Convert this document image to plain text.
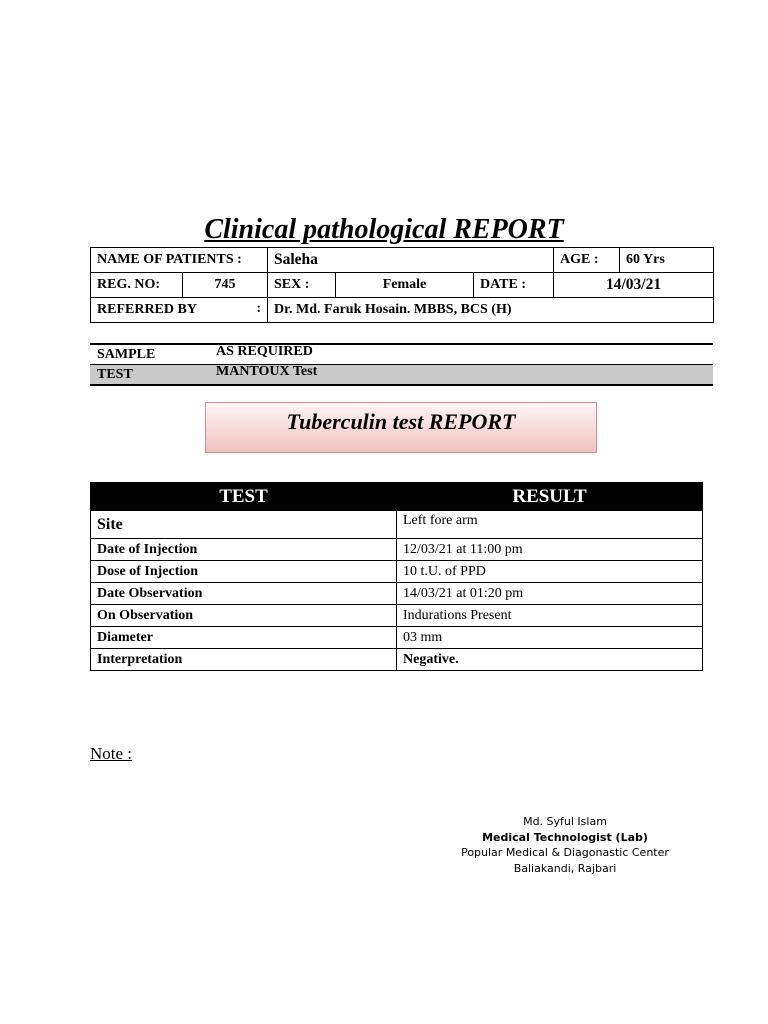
Clinical pathological REPORT
NAME OF PATIENTS :		Saleha			AGE :	60 Yrs
REG. NO:	745	SEX :	Female	DATE :	14/03/21	
REFERRED BY :		Dr. Md. Faruk Hosain. MBBS, BCS (H)				
SAMPLE	AS REQUIRED
TEST	MANTOUX Test
Tuberculin test REPORT
TEST	RESULT
Site	Left fore arm
Date of Injection	12/03/21 at 11:00 pm
Dose of Injection	10 t.U. of PPD
Date Observation	14/03/21 at 01:20 pm
On Observation	Indurations Present
Diameter	03 mm
Interpretation	Negative.
Note :
Md. Syful Islam
Medical Technologist (Lab)
Popular Medical & Diagonastic Center
Baliakandi, Rajbari
